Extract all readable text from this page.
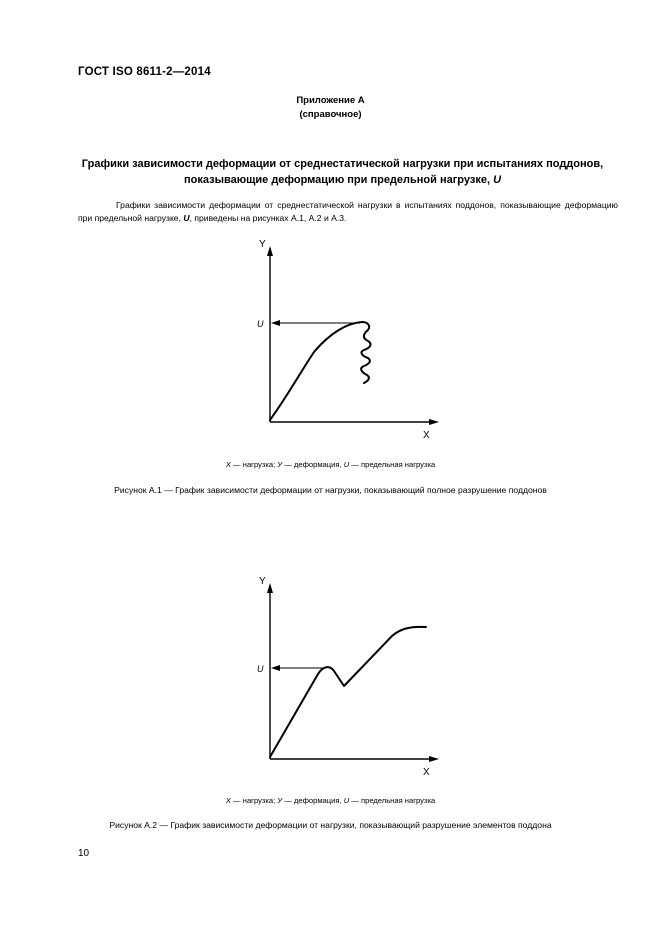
ГОСТ ISO 8611-2—2014
Приложение А
(справочное)
Графики зависимости деформации от среднестатической нагрузки при испытаниях поддонов,
показывающие деформацию при предельной нагрузке, U
Графики зависимости деформации от среднестатической нагрузки в испытаниях поддонов, показывающие деформацию при предельной нагрузке, U, приведены на рисунках А.1, А.2 и А.3.
Y
X
U
X — нагрузка; У — деформация, U — предельная нагрузка
Рисунок А.1 — График зависимости деформации от нагрузки, показывающий полное разрушение поддонов
Y
X
U
X — нагрузка; У — деформация, U — предельная нагрузка
Рисунок А.2 — График зависимости деформации от нагрузки, показывающий разрушение элементов поддона
10
